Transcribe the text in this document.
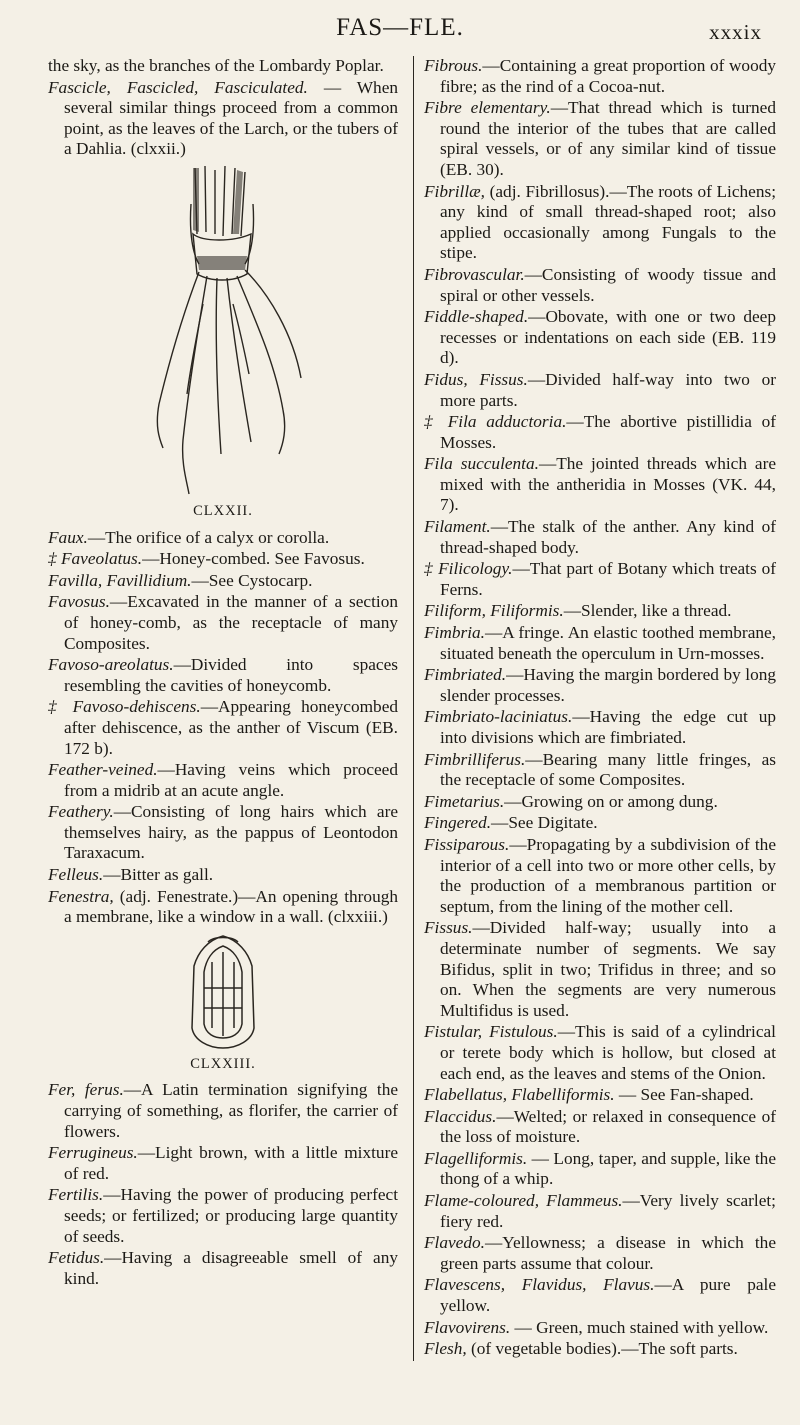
FAS—FLE.	xxxix

the sky, as the branches of the Lombardy Poplar.

Fascicle, Fascicled, Fasciculated. — When several similar things proceed from a common point, as the leaves of the Larch, or the tubers of a Dahlia. (clxxii.)

CLXXII.

Faux.—The orifice of a calyx or corolla.

‡ Faveolatus.—Honey-combed. See Favosus.

Favilla, Favillidium.—See Cystocarp.

Favosus.—Excavated in the manner of a section of honey-comb, as the receptacle of many Composites.

Favoso-areolatus.—Divided into spaces resembling the cavities of honeycomb.

‡ Favoso-dehiscens.—Appearing honeycombed after dehiscence, as the anther of Viscum (EB. 172 b).

Feather-veined.—Having veins which proceed from a midrib at an acute angle.

Feathery.—Consisting of long hairs which are themselves hairy, as the pappus of Leontodon Taraxacum.

Felleus.—Bitter as gall.

Fenestra, (adj. Fenestrate.)—An opening through a membrane, like a window in a wall. (clxxiii.)

CLXXIII.

Fer, ferus.—A Latin termination signifying the carrying of something, as florifer, the carrier of flowers.

Ferrugineus.—Light brown, with a little mixture of red.

Fertilis.—Having the power of producing perfect seeds; or fertilized; or producing large quantity of seeds.

Fetidus.—Having a disagreeable smell of any kind.

Fibrous.—Containing a great proportion of woody fibre; as the rind of a Cocoa-nut.

Fibre elementary.—That thread which is turned round the interior of the tubes that are called spiral vessels, or of any similar kind of tissue (EB. 30).

Fibrillæ, (adj. Fibrillosus).—The roots of Lichens; any kind of small thread-shaped root; also applied occasionally among Fungals to the stipe.

Fibrovascular.—Consisting of woody tissue and spiral or other vessels.

Fiddle-shaped.—Obovate, with one or two deep recesses or indentations on each side (EB. 119 d).

Fidus, Fissus.—Divided half-way into two or more parts.

‡ Fila adductoria.—The abortive pistillidia of Mosses.

Fila succulenta.—The jointed threads which are mixed with the antheridia in Mosses (VK. 44, 7).

Filament.—The stalk of the anther. Any kind of thread-shaped body.

‡ Filicology.—That part of Botany which treats of Ferns.

Filiform, Filiformis.—Slender, like a thread.

Fimbria.—A fringe. An elastic toothed membrane, situated beneath the operculum in Urn-mosses.

Fimbriated.—Having the margin bordered by long slender processes.

Fimbriato-laciniatus.—Having the edge cut up into divisions which are fimbriated.

Fimbrilliferus.—Bearing many little fringes, as the receptacle of some Composites.

Fimetarius.—Growing on or among dung.

Fingered.—See Digitate.

Fissiparous.—Propagating by a subdivision of the interior of a cell into two or more other cells, by the production of a membranous partition or septum, from the lining of the mother cell.

Fissus.—Divided half-way; usually into a determinate number of segments. We say Bifidus, split in two; Trifidus in three; and so on. When the segments are very numerous Multifidus is used.

Fistular, Fistulous.—This is said of a cylindrical or terete body which is hollow, but closed at each end, as the leaves and stems of the Onion.

Flabellatus, Flabelliformis. — See Fan-shaped.

Flaccidus.—Welted; or relaxed in consequence of the loss of moisture.

Flagelliformis. — Long, taper, and supple, like the thong of a whip.

Flame-coloured, Flammeus.—Very lively scarlet; fiery red.

Flavedo.—Yellowness; a disease in which the green parts assume that colour.

Flavescens, Flavidus, Flavus.—A pure pale yellow.

Flavovirens. — Green, much stained with yellow.

Flesh, (of vegetable bodies).—The soft parts.
